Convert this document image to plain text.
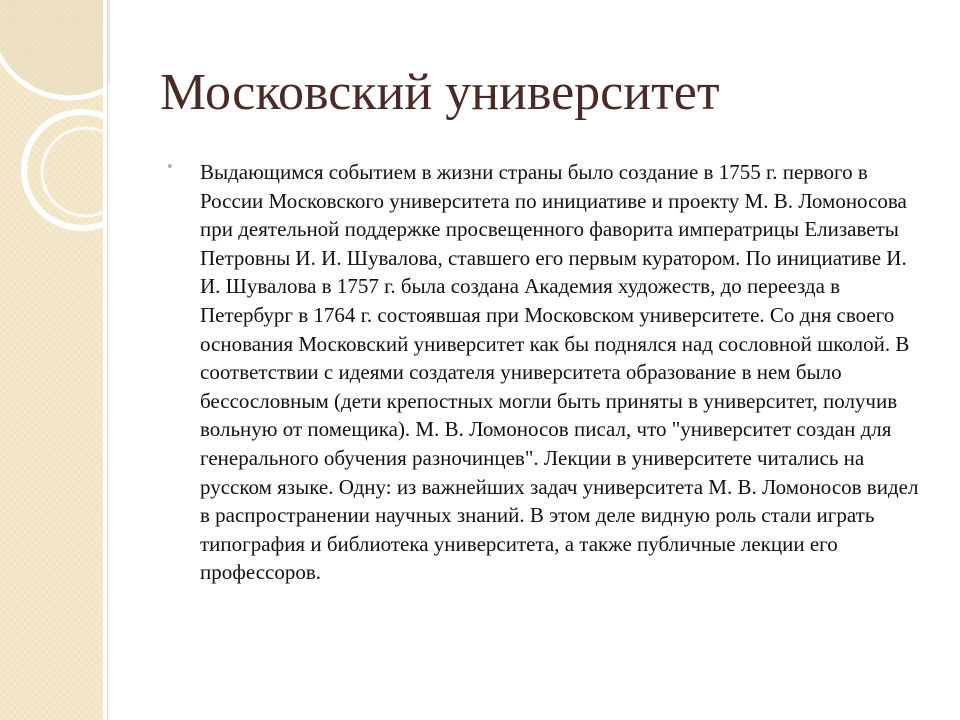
Московский университет
• Выдающимся событием в жизни страны было создание в 1755 г. первого в России Московского университета по инициативе и проекту М. В. Ломоносова при деятельной поддержке просвещенного фаворита императрицы Елизаветы Петровны И. И. Шувалова, ставшего его первым куратором. По инициативе И. И. Шувалова в 1757 г. была создана Академия художеств, до переезда в Петербург в 1764 г. состоявшая при Московском университете. Со дня своего основания Московский университет как бы поднялся над сословной школой. В соответствии с идеями создателя университета образование в нем было бессословным (дети крепостных могли быть приняты в университет, получив вольную от помещика). М. В. Ломоносов писал, что "университет создан для генерального обучения разночинцев". Лекции в университете читались на русском языке. Одну: из важнейших задач университета М. В. Ломоносов видел в распространении научных знаний. В этом деле видную роль стали играть типография и библиотека университета, а также публичные лекции его профессоров.
